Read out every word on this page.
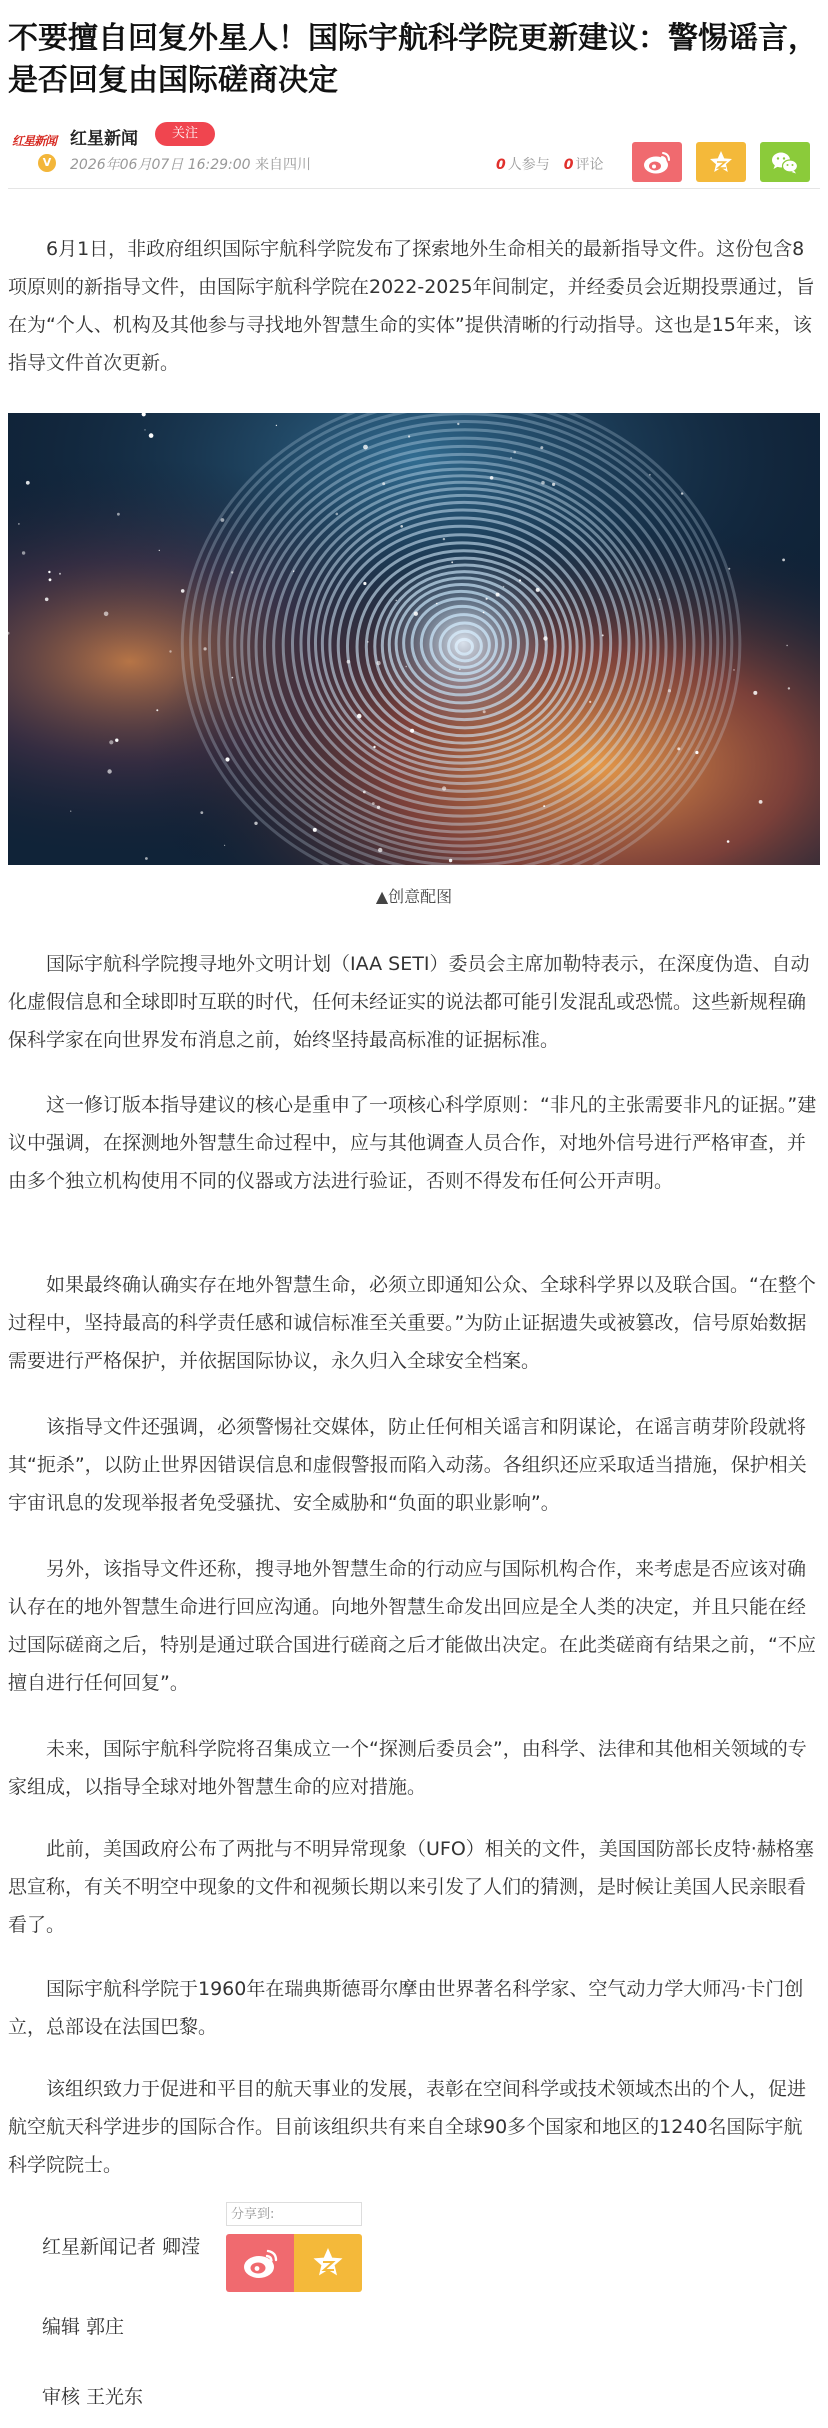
不要擅自回复外星人！国际宇航科学院更新建议：警惕谣言，是否回复由国际磋商决定
红星新闻
V
红星新闻	关注
2026年06月07日 16:29:00 来自四川	0 人参与 0 评论

6月1日，非政府组织国际宇航科学院发布了探索地外生命相关的最新指导文件。这份包含8项原则的新指导文件，由国际宇航科学院在2022-2025年间制定，并经委员会近期投票通过，旨在为“个人、机构及其他参与寻找地外智慧生命的实体”提供清晰的行动指导。这也是15年来，该指导文件首次更新。

▲创意配图

国际宇航科学院搜寻地外文明计划（IAA SETI）委员会主席加勒特表示，在深度伪造、自动化虚假信息和全球即时互联的时代，任何未经证实的说法都可能引发混乱或恐慌。这些新规程确保科学家在向世界发布消息之前，始终坚持最高标准的证据标准。

这一修订版本指导建议的核心是重申了一项核心科学原则：“非凡的主张需要非凡的证据。”建议中强调，在探测地外智慧生命过程中，应与其他调查人员合作，对地外信号进行严格审查，并由多个独立机构使用不同的仪器或方法进行验证，否则不得发布任何公开声明。

如果最终确认确实存在地外智慧生命，必须立即通知公众、全球科学界以及联合国。“在整个过程中，坚持最高的科学责任感和诚信标准至关重要。”为防止证据遗失或被篡改，信号原始数据需要进行严格保护，并依据国际协议，永久归入全球安全档案。

该指导文件还强调，必须警惕社交媒体，防止任何相关谣言和阴谋论，在谣言萌芽阶段就将其“扼杀”，以防止世界因错误信息和虚假警报而陷入动荡。各组织还应采取适当措施，保护相关宇宙讯息的发现举报者免受骚扰、安全威胁和“负面的职业影响”。

另外，该指导文件还称，搜寻地外智慧生命的行动应与国际机构合作，来考虑是否应该对确认存在的地外智慧生命进行回应沟通。向地外智慧生命发出回应是全人类的决定，并且只能在经过国际磋商之后，特别是通过联合国进行磋商之后才能做出决定。在此类磋商有结果之前，“不应擅自进行任何回复”。

未来，国际宇航科学院将召集成立一个“探测后委员会”，由科学、法律和其他相关领域的专家组成，以指导全球对地外智慧生命的应对措施。

此前，美国政府公布了两批与不明异常现象（UFO）相关的文件，美国国防部长皮特·赫格塞思宣称，有关不明空中现象的文件和视频长期以来引发了人们的猜测，是时候让美国人民亲眼看看了。

国际宇航科学院于1960年在瑞典斯德哥尔摩由世界著名科学家、空气动力学大师冯·卡门创立，总部设在法国巴黎。

该组织致力于促进和平目的航天事业的发展，表彰在空间科学或技术领域杰出的个人，促进航空航天科学进步的国际合作。目前该组织共有来自全球90多个国家和地区的1240名国际宇航科学院院士。

分享到:
红星新闻记者 卿滢
编辑 郭庄
审核 王光东
